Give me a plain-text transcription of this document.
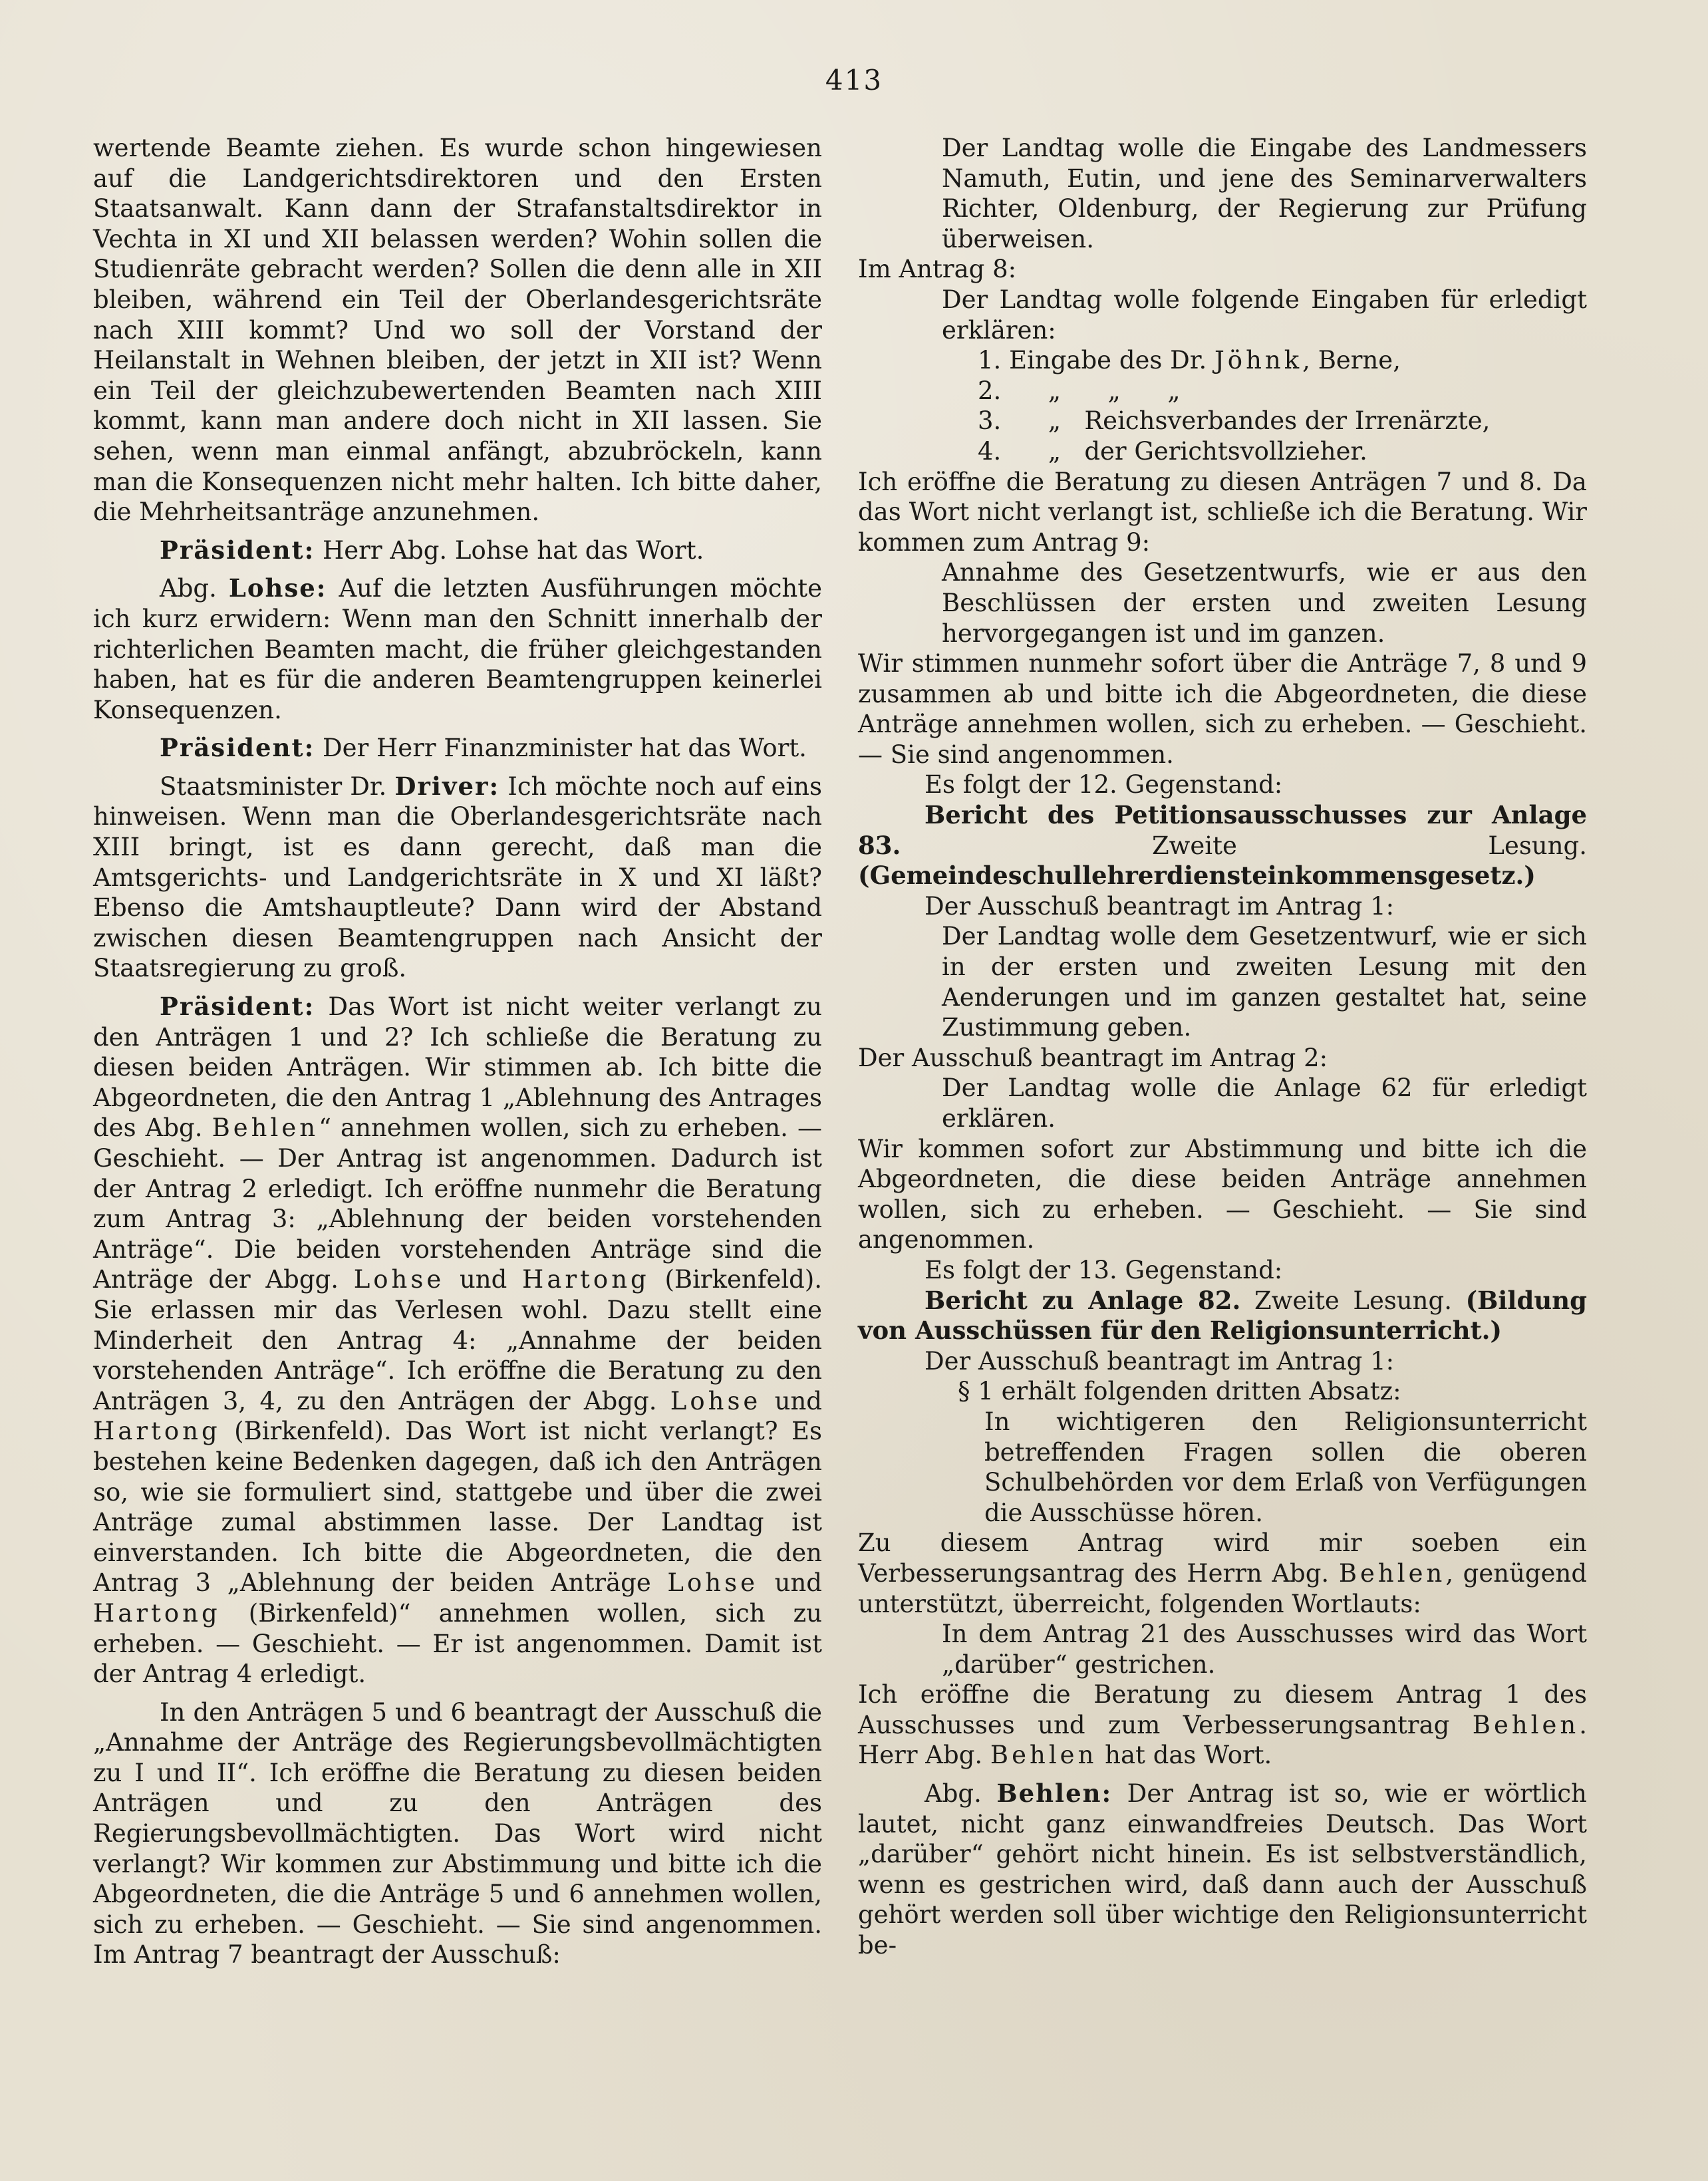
413

wertende Beamte ziehen. Es wurde schon hingewiesen auf die Landgerichtsdirektoren und den Ersten Staatsanwalt. Kann dann der Strafanstaltsdirektor in Vechta in XI und XII belassen werden? Wohin sollen die Studienräte gebracht werden? Sollen die denn alle in XII bleiben, während ein Teil der Oberlandesgerichtsräte nach XIII kommt? Und wo soll der Vorstand der Heilanstalt in Wehnen bleiben, der jetzt in XII ist? Wenn ein Teil der gleichzubewertenden Beamten nach XIII kommt, kann man andere doch nicht in XII lassen. Sie sehen, wenn man einmal anfängt, abzubröckeln, kann man die Konsequenzen nicht mehr halten. Ich bitte daher, die Mehrheitsanträge anzunehmen.

Präsident: Herr Abg. Lohse hat das Wort.

Abg. Lohse: Auf die letzten Ausführungen möchte ich kurz erwidern: Wenn man den Schnitt innerhalb der richterlichen Beamten macht, die früher gleichgestanden haben, hat es für die anderen Beamtengruppen keinerlei Konsequenzen.

Präsident: Der Herr Finanzminister hat das Wort.

Staatsminister Dr. Driver: Ich möchte noch auf eins hinweisen. Wenn man die Oberlandesgerichtsräte nach XIII bringt, ist es dann gerecht, daß man die Amtsgerichts- und Landgerichtsräte in X und XI läßt? Ebenso die Amtshauptleute? Dann wird der Abstand zwischen diesen Beamtengruppen nach Ansicht der Staatsregierung zu groß.

Präsident: Das Wort ist nicht weiter verlangt zu den Anträgen 1 und 2? Ich schließe die Beratung zu diesen beiden Anträgen. Wir stimmen ab. Ich bitte die Abgeordneten, die den Antrag 1 „Ablehnung des Antrages des Abg. Behlen“ annehmen wollen, sich zu erheben. — Geschieht. — Der Antrag ist angenommen. Dadurch ist der Antrag 2 erledigt. Ich eröffne nunmehr die Beratung zum Antrag 3: „Ablehnung der beiden vorstehenden Anträge“. Die beiden vorstehenden Anträge sind die Anträge der Abgg. Lohse und Hartong (Birkenfeld). Sie erlassen mir das Verlesen wohl. Dazu stellt eine Minderheit den Antrag 4: „Annahme der beiden vorstehenden Anträge“. Ich eröffne die Beratung zu den Anträgen 3, 4, zu den Anträgen der Abgg. Lohse und Hartong (Birkenfeld). Das Wort ist nicht verlangt? Es bestehen keine Bedenken dagegen, daß ich den Anträgen so, wie sie formuliert sind, stattgebe und über die zwei Anträge zumal abstimmen lasse. Der Landtag ist einverstanden. Ich bitte die Abgeordneten, die den Antrag 3 „Ablehnung der beiden Anträge Lohse und Hartong (Birkenfeld)“ annehmen wollen, sich zu erheben. — Geschieht. — Er ist angenommen. Damit ist der Antrag 4 erledigt.

In den Anträgen 5 und 6 beantragt der Ausschuß die „Annahme der Anträge des Regierungsbevollmächtigten zu I und II“. Ich eröffne die Beratung zu diesen beiden Anträgen und zu den Anträgen des Regierungsbevollmächtigten. Das Wort wird nicht verlangt? Wir kommen zur Abstimmung und bitte ich die Abgeordneten, die die Anträge 5 und 6 annehmen wollen, sich zu erheben. — Geschieht. — Sie sind angenommen. Im Antrag 7 beantragt der Ausschuß:

Der Landtag wolle die Eingabe des Landmessers Namuth, Eutin, und jene des Seminarverwalters Richter, Oldenburg, der Regierung zur Prüfung überweisen.

Im Antrag 8:

Der Landtag wolle folgende Eingaben für erledigt erklären:

1. Eingabe des Dr. Jöhnk, Berne,

2.      „      „      „

3.      „   Reichsverbandes der Irrenärzte,

4.      „   der Gerichtsvollzieher.

Ich eröffne die Beratung zu diesen Anträgen 7 und 8. Da das Wort nicht verlangt ist, schließe ich die Beratung. Wir kommen zum Antrag 9:

Annahme des Gesetzentwurfs, wie er aus den Beschlüssen der ersten und zweiten Lesung hervorgegangen ist und im ganzen.

Wir stimmen nunmehr sofort über die Anträge 7, 8 und 9 zusammen ab und bitte ich die Abgeordneten, die diese Anträge annehmen wollen, sich zu erheben. — Geschieht. — Sie sind angenommen.

Es folgt der 12. Gegenstand:

Bericht des Petitionsausschusses zur Anlage 83.	Zweite Lesung. (Gemeindeschullehrerdiensteinkommensgesetz.)

Der Ausschuß beantragt im Antrag 1:

Der Landtag wolle dem Gesetzentwurf, wie er sich in der ersten und zweiten Lesung mit den Aenderungen und im ganzen gestaltet hat, seine Zustimmung geben.

Der Ausschuß beantragt im Antrag 2:

Der Landtag wolle die Anlage 62 für erledigt erklären.

Wir kommen sofort zur Abstimmung und bitte ich die Abgeordneten, die diese beiden Anträge annehmen wollen, sich zu erheben. — Geschieht. — Sie sind angenommen.

Es folgt der 13. Gegenstand:

Bericht zu Anlage 82. Zweite Lesung. (Bildung von Ausschüssen für den Religionsunterricht.)

Der Ausschuß beantragt im Antrag 1:

§ 1 erhält folgenden dritten Absatz:

In wichtigeren den Religionsunterricht betreffenden Fragen sollen die oberen Schulbehörden vor dem Erlaß von Verfügungen die Ausschüsse hören.

Zu diesem Antrag wird mir soeben ein Verbesserungsantrag des Herrn Abg. Behlen, genügend unterstützt, überreicht, folgenden Wortlauts:

In dem Antrag 21 des Ausschusses wird das Wort „darüber“ gestrichen.

Ich eröffne die Beratung zu diesem Antrag 1 des Ausschusses und zum Verbesserungsantrag Behlen. Herr Abg. Behlen hat das Wort.

Abg. Behlen: Der Antrag ist so, wie er wörtlich lautet, nicht ganz einwandfreies Deutsch. Das Wort „darüber“ gehört nicht hinein. Es ist selbstverständlich, wenn es gestrichen wird, daß dann auch der Ausschuß gehört werden soll über wichtige den Religionsunterricht be-
